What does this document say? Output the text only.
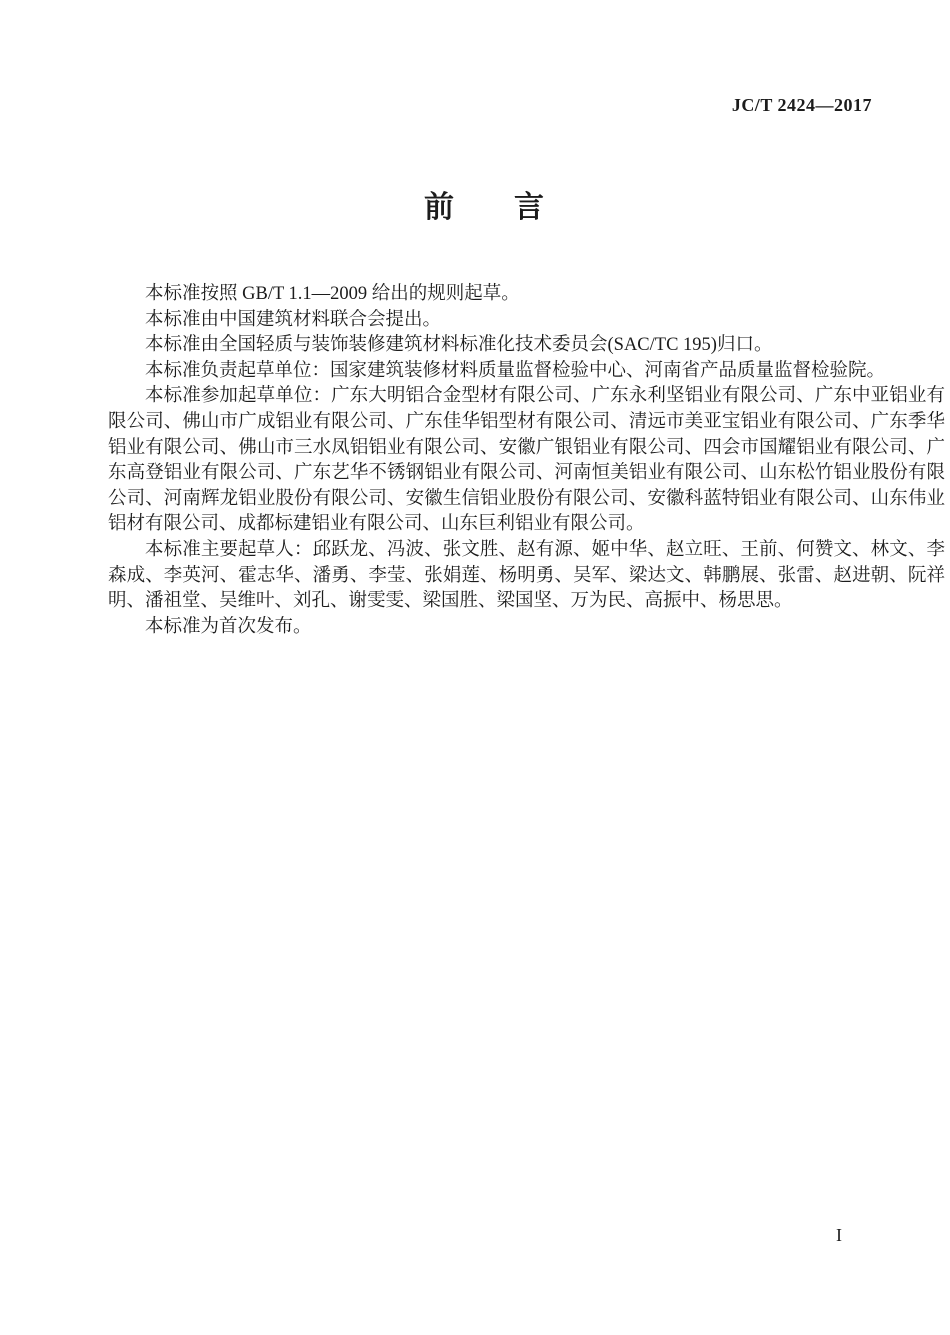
JC/T 2424—2017
前　　言

本标准按照 GB/T 1.1—2009 给出的规则起草。

本标准由中国建筑材料联合会提出。

本标准由全国轻质与装饰装修建筑材料标准化技术委员会(SAC/TC 195)归口。

本标准负责起草单位：国家建筑装修材料质量监督检验中心、河南省产品质量监督检验院。

本标准参加起草单位：广东大明铝合金型材有限公司、广东永利坚铝业有限公司、广东中亚铝业有限公司、佛山市广成铝业有限公司、广东佳华铝型材有限公司、清远市美亚宝铝业有限公司、广东季华铝业有限公司、佛山市三水凤铝铝业有限公司、安徽广银铝业有限公司、四会市国耀铝业有限公司、广东高登铝业有限公司、广东艺华不锈钢铝业有限公司、河南恒美铝业有限公司、山东松竹铝业股份有限公司、河南辉龙铝业股份有限公司、安徽生信铝业股份有限公司、安徽科蓝特铝业有限公司、山东伟业铝材有限公司、成都标建铝业有限公司、山东巨利铝业有限公司。

本标准主要起草人：邱跃龙、冯波、张文胜、赵有源、姬中华、赵立旺、王前、何赞文、林文、李森成、李英河、霍志华、潘勇、李莹、张娟莲、杨明勇、吴军、梁达文、韩鹏展、张雷、赵进朝、阮祥明、潘祖堂、吴维叶、刘孔、谢雯雯、梁国胜、梁国坚、万为民、高振中、杨思思。

本标准为首次发布。

I
